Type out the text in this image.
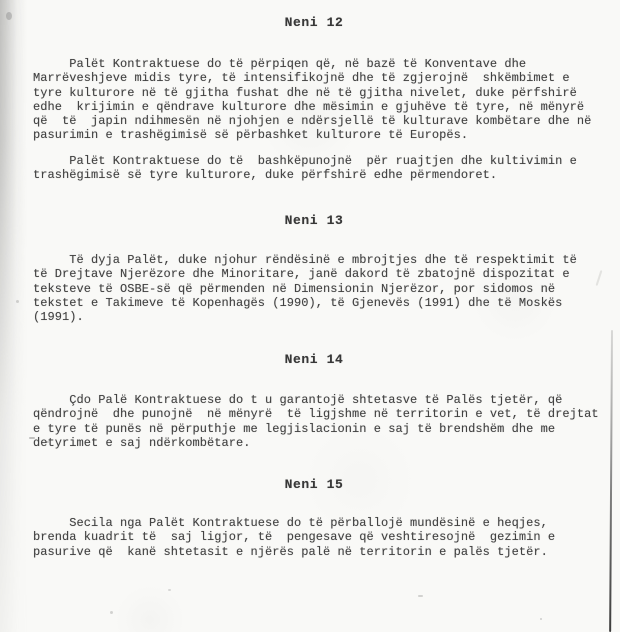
Neni 12
Palët Kontraktuese do të përpiqen që, në bazë të Konventave dhe
Marrëveshjeve midis tyre, të intensifikojnë dhe të zgjerojnë  shkëmbimet e
tyre kulturore në të gjitha fushat dhe në të gjitha nivelet, duke përfshirë
edhe  krijimin e qëndrave kulturore dhe mësimin e gjuhëve të tyre, në mënyrë
që  të  japin ndihmesën në njohjen e ndërsjellë të kulturave kombëtare dhe në
pasurimin e trashëgimisë së përbashket kulturore të Europës.
Palët Kontraktuese do të  bashkëpunojnë  për ruajtjen dhe kultivimin e
trashëgimisë së tyre kulturore, duke përfshirë edhe përmendoret.
Neni 13
Të dyja Palët, duke njohur rëndësinë e mbrojtjes dhe të respektimit të
të Drejtave Njerëzore dhe Minoritare, janë dakord të zbatojnë dispozitat e
teksteve të OSBE-së që përmenden në Dimensionin Njerëzor, por sidomos në
tekstet e Takimeve të Kopenhagës (1990), të Gjenevës (1991) dhe të Moskës
(1991).
Neni 14
Çdo Palë Kontraktuese do t u garantojë shtetasve të Palës tjetër, që
qëndrojnë  dhe punojnë  në mënyrë  të ligjshme në territorin e vet, të drejtat
e tyre të punës në përputhje me legjislacionin e saj të brendshëm dhe me
detyrimet e saj ndërkombëtare.
Neni 15
Secila nga Palët Kontraktuese do të përballojë mundësinë e heqjes,
brenda kuadrit të  saj ligjor, të  pengesave që veshtiresojnë  gezimin e
pasurive që  kanë shtetasit e njërës palë në territorin e palës tjetër.
